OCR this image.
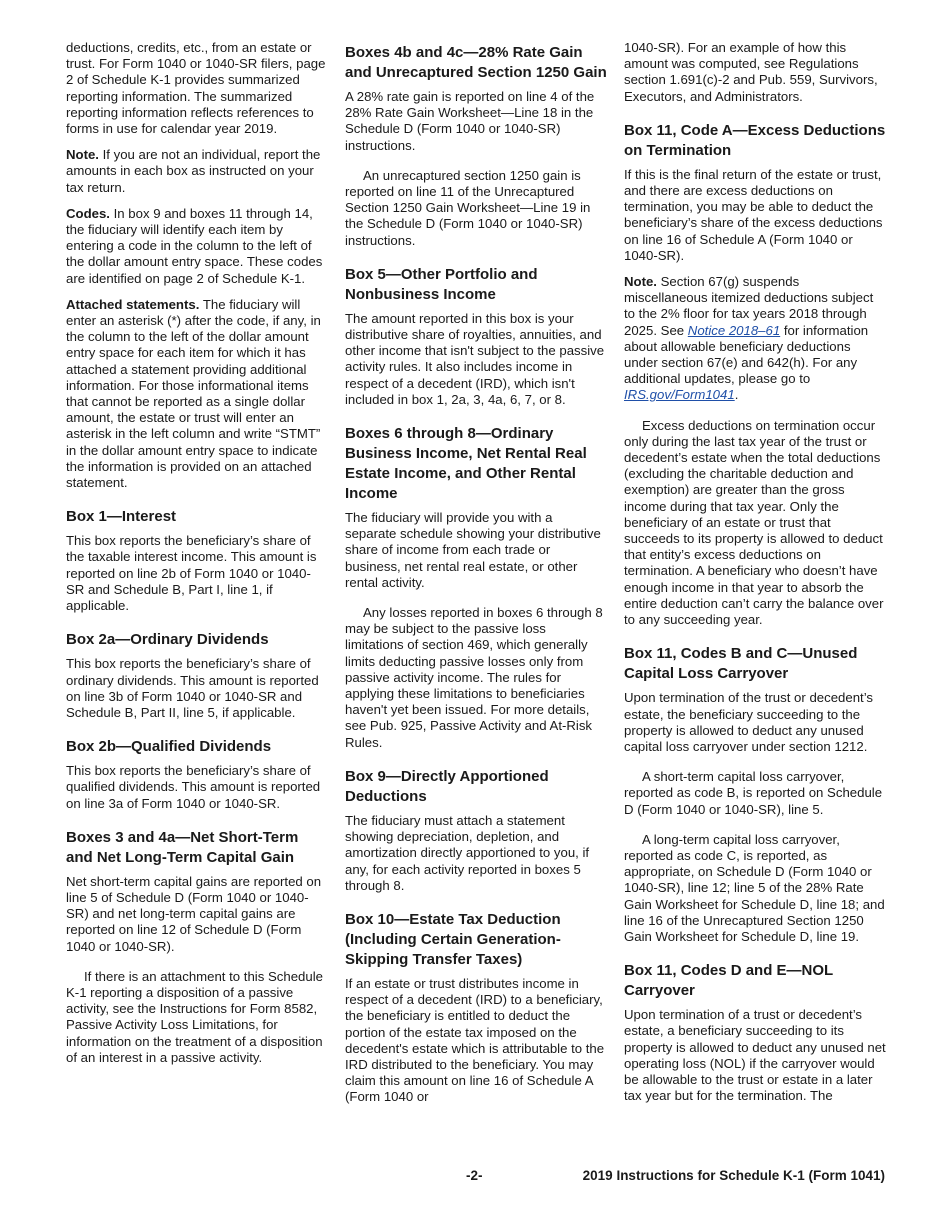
deductions, credits, etc., from an estate or trust. For Form 1040 or 1040-SR filers, page 2 of Schedule K-1 provides summarized reporting information. The summarized reporting information reflects references to forms in use for calendar year 2019.

Note. If you are not an individual, report the amounts in each box as instructed on your tax return.

Codes. In box 9 and boxes 11 through 14, the fiduciary will identify each item by entering a code in the column to the left of the dollar amount entry space. These codes are identified on page 2 of Schedule K-1.

Attached statements. The fiduciary will enter an asterisk (*) after the code, if any, in the column to the left of the dollar amount entry space for each item for which it has attached a statement providing additional information. For those informational items that cannot be reported as a single dollar amount, the estate or trust will enter an asterisk in the left column and write “STMT” in the dollar amount entry space to indicate the information is provided on an attached statement.

Box 1—Interest

This box reports the beneficiary’s share of the taxable interest income. This amount is reported on line 2b of Form 1040 or 1040-SR and Schedule B, Part I, line 1, if applicable.

Box 2a—Ordinary Dividends

This box reports the beneficiary’s share of ordinary dividends. This amount is reported on line 3b of Form 1040 or 1040-SR and Schedule B, Part II, line 5, if applicable.

Box 2b—Qualified Dividends

This box reports the beneficiary’s share of qualified dividends. This amount is reported on line 3a of Form 1040 or 1040-SR.

Boxes 3 and 4a—Net Short-Term and Net Long-Term Capital Gain

Net short-term capital gains are reported on line 5 of Schedule D (Form 1040 or 1040-SR) and net long-term capital gains are reported on line 12 of Schedule D (Form 1040 or 1040-SR).

If there is an attachment to this Schedule K-1 reporting a disposition of a passive activity, see the Instructions for Form 8582, Passive Activity Loss Limitations, for information on the treatment of a disposition of an interest in a passive activity.

Boxes 4b and 4c—28% Rate Gain and Unrecaptured Section 1250 Gain

A 28% rate gain is reported on line 4 of the 28% Rate Gain Worksheet—Line 18 in the Schedule D (Form 1040 or 1040-SR) instructions.

An unrecaptured section 1250 gain is reported on line 11 of the Unrecaptured Section 1250 Gain Worksheet—Line 19 in the Schedule D (Form 1040 or 1040-SR) instructions.

Box 5—Other Portfolio and Nonbusiness Income

The amount reported in this box is your distributive share of royalties, annuities, and other income that isn't subject to the passive activity rules. It also includes income in respect of a decedent (IRD), which isn't included in box 1, 2a, 3, 4a, 6, 7, or 8.

Boxes 6 through 8—Ordinary Business Income, Net Rental Real Estate Income, and Other Rental Income

The fiduciary will provide you with a separate schedule showing your distributive share of income from each trade or business, net rental real estate, or other rental activity.

Any losses reported in boxes 6 through 8 may be subject to the passive loss limitations of section 469, which generally limits deducting passive losses only from passive activity income. The rules for applying these limitations to beneficiaries haven't yet been issued. For more details, see Pub. 925, Passive Activity and At-Risk Rules.

Box 9—Directly Apportioned Deductions

The fiduciary must attach a statement showing depreciation, depletion, and amortization directly apportioned to you, if any, for each activity reported in boxes 5 through 8.

Box 10—Estate Tax Deduction (Including Certain Generation-Skipping Transfer Taxes)

If an estate or trust distributes income in respect of a decedent (IRD) to a beneficiary, the beneficiary is entitled to deduct the portion of the estate tax imposed on the decedent's estate which is attributable to the IRD distributed to the beneficiary. You may claim this amount on line 16 of Schedule A (Form 1040 or

1040-SR). For an example of how this amount was computed, see Regulations section 1.691(c)-2 and Pub. 559, Survivors, Executors, and Administrators.

Box 11, Code A—Excess Deductions on Termination

If this is the final return of the estate or trust, and there are excess deductions on termination, you may be able to deduct the beneficiary’s share of the excess deductions on line 16 of Schedule A (Form 1040 or 1040-SR).

Note. Section 67(g) suspends miscellaneous itemized deductions subject to the 2% floor for tax years 2018 through 2025. See Notice 2018–61 for information about allowable beneficiary deductions under section 67(e) and 642(h). For any additional updates, please go to IRS.gov/Form1041.

Excess deductions on termination occur only during the last tax year of the trust or decedent’s estate when the total deductions (excluding the charitable deduction and exemption) are greater than the gross income during that tax year. Only the beneficiary of an estate or trust that succeeds to its property is allowed to deduct that entity’s excess deductions on termination. A beneficiary who doesn’t have enough income in that year to absorb the entire deduction can’t carry the balance over to any succeeding year.

Box 11, Codes B and C—Unused Capital Loss Carryover

Upon termination of the trust or decedent’s estate, the beneficiary succeeding to the property is allowed to deduct any unused capital loss carryover under section 1212.

A short-term capital loss carryover, reported as code B, is reported on Schedule D (Form 1040 or 1040-SR), line 5.

A long-term capital loss carryover, reported as code C, is reported, as appropriate, on Schedule D (Form 1040 or 1040-SR), line 12; line 5 of the 28% Rate Gain Worksheet for Schedule D, line 18; and line 16 of the Unrecaptured Section 1250 Gain Worksheet for Schedule D, line 19.

Box 11, Codes D and E—NOL Carryover

Upon termination of a trust or decedent’s estate, a beneficiary succeeding to its property is allowed to deduct any unused net operating loss (NOL) if the carryover would be allowable to the trust or estate in a later tax year but for the termination. The

-2-	2019 Instructions for Schedule K-1 (Form 1041)
